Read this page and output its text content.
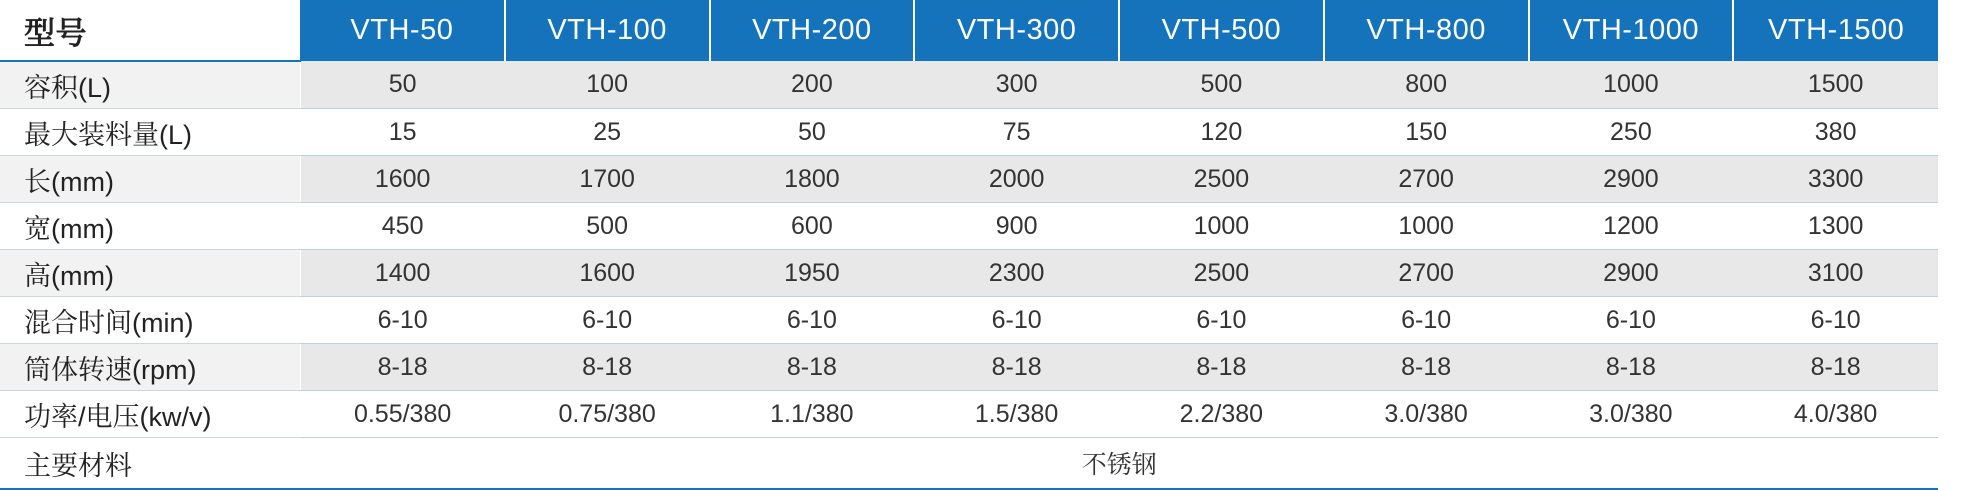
型号	VTH-50	VTH-100	VTH-200	VTH-300	VTH-500	VTH-800	VTH-1000	VTH-1500
容积(L)	50	100	200	300	500	800	1000	1500
最大装料量(L)	15	25	50	75	120	150	250	380
长(mm)	1600	1700	1800	2000	2500	2700	2900	3300
宽(mm)	450	500	600	900	1000	1000	1200	1300
高(mm)	1400	1600	1950	2300	2500	2700	2900	3100
混合时间(min)	6-10	6-10	6-10	6-10	6-10	6-10	6-10	6-10
筒体转速(rpm)	8-18	8-18	8-18	8-18	8-18	8-18	8-18	8-18
功率/电压(kw/v)	0.55/380	0.75/380	1.1/380	1.5/380	2.2/380	3.0/380	3.0/380	4.0/380
主要材料	不锈钢							
